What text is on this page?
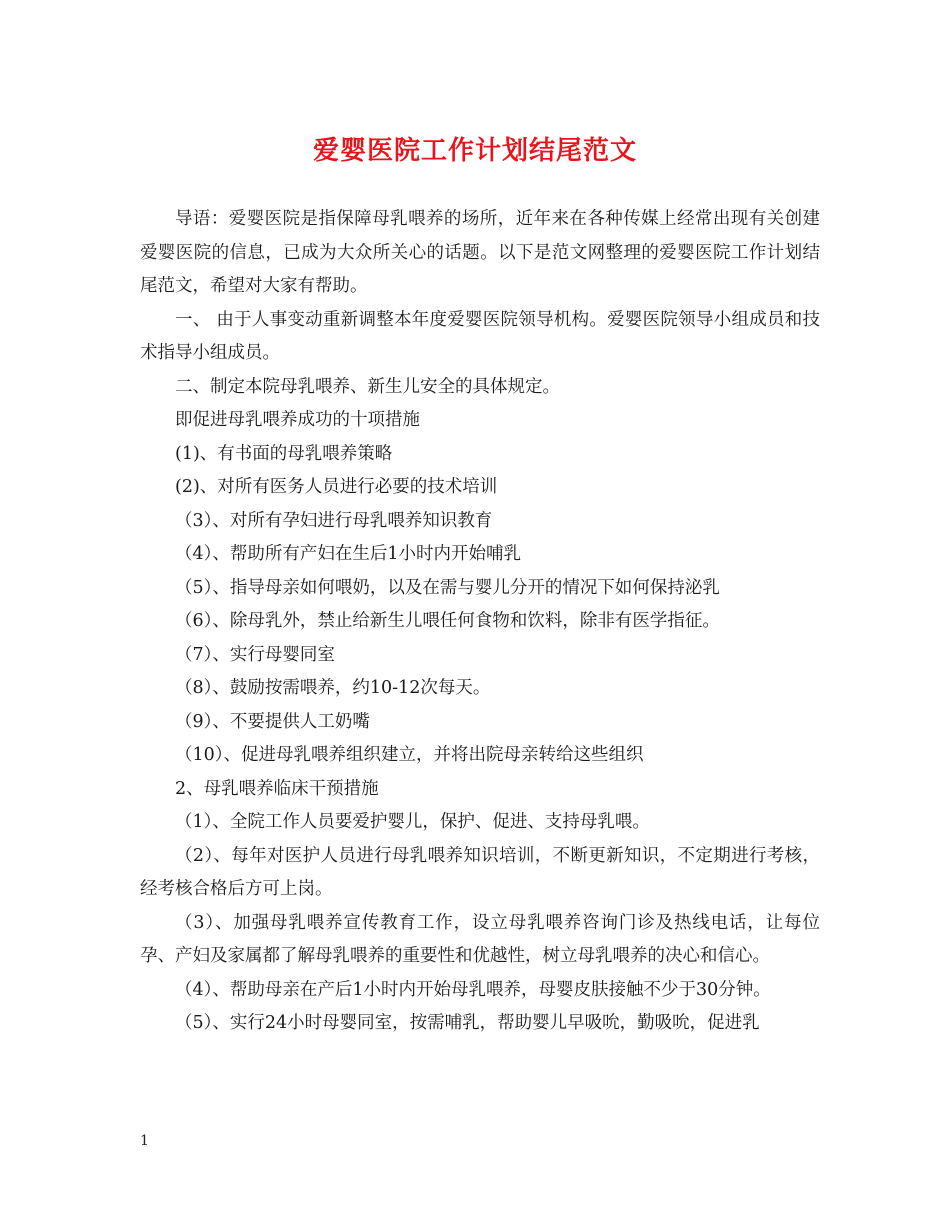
爱婴医院工作计划结尾范文

导语：爱婴医院是指保障母乳喂养的场所，近年来在各种传媒上经常出现有关创建爱婴医院的信息，已成为大众所关心的话题。以下是范文网整理的爱婴医院工作计划结尾范文，希望对大家有帮助。

一、 由于人事变动重新调整本年度爱婴医院领导机构。爱婴医院领导小组成员和技术指导小组成员。

二、制定本院母乳喂养、新生儿安全的具体规定。

即促进母乳喂养成功的十项措施

(1)、有书面的母乳喂养策略

(2)、对所有医务人员进行必要的技术培训

（3）、对所有孕妇进行母乳喂养知识教育

（4）、帮助所有产妇在生后1小时内开始哺乳

（5）、指导母亲如何喂奶，以及在需与婴儿分开的情况下如何保持泌乳

（6）、除母乳外，禁止给新生儿喂任何食物和饮料，除非有医学指征。

（7）、实行母婴同室

（8）、鼓励按需喂养，约10-12次每天。

（9）、不要提供人工奶嘴

（10）、促进母乳喂养组织建立，并将出院母亲转给这些组织

2、母乳喂养临床干预措施

（1）、全院工作人员要爱护婴儿，保护、促进、支持母乳喂。

（2）、每年对医护人员进行母乳喂养知识培训，不断更新知识，不定期进行考核，经考核合格后方可上岗。

（3）、加强母乳喂养宣传教育工作，设立母乳喂养咨询门诊及热线电话，让每位孕、产妇及家属都了解母乳喂养的重要性和优越性，树立母乳喂养的决心和信心。

（4）、帮助母亲在产后1小时内开始母乳喂养，母婴皮肤接触不少于30分钟。

（5）、实行24小时母婴同室，按需哺乳，帮助婴儿早吸吮，勤吸吮，促进乳

1
